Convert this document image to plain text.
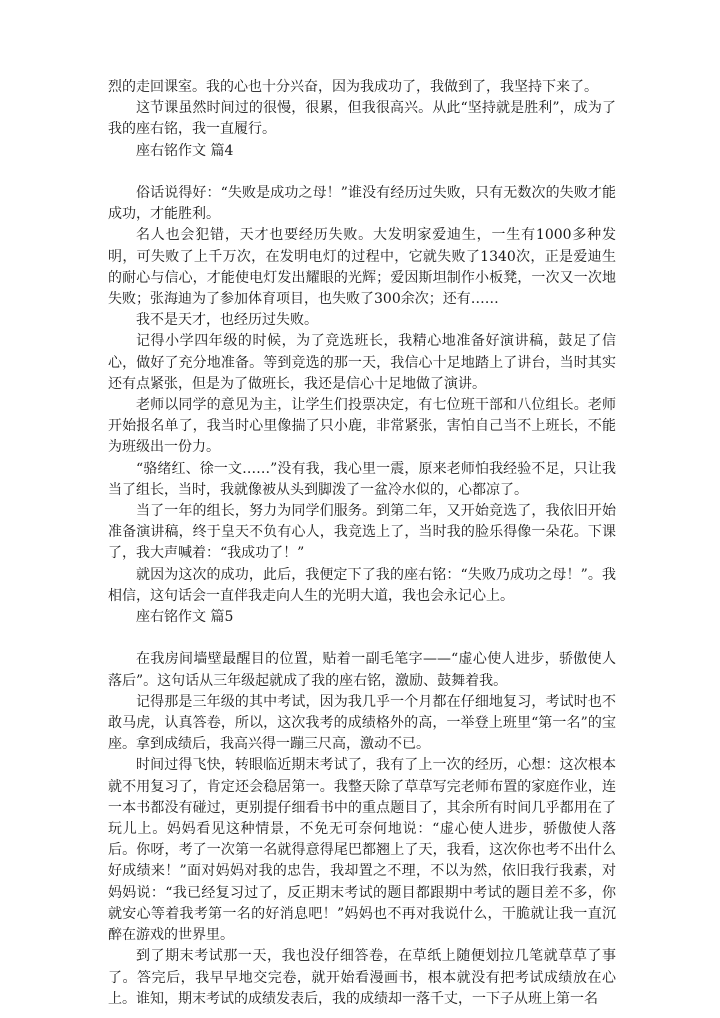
烈的走回课室。我的心也十分兴奋，因为我成功了，我做到了，我坚持下来了。

这节课虽然时间过的很慢，很累，但我很高兴。从此“坚持就是胜利”，成为了我的座右铭，我一直履行。

座右铭作文 篇4

俗话说得好：“失败是成功之母！”谁没有经历过失败，只有无数次的失败才能成功，才能胜利。

名人也会犯错，天才也要经历失败。大发明家爱迪生，一生有1000多种发明，可失败了上千万次，在发明电灯的过程中，它就失败了1340次，正是爱迪生的耐心与信心，才能使电灯发出耀眼的光辉；爱因斯坦制作小板凳，一次又一次地失败；张海迪为了参加体育项目，也失败了300余次；还有……

我不是天才，也经历过失败。

记得小学四年级的时候，为了竞选班长，我精心地准备好演讲稿，鼓足了信心，做好了充分地准备。等到竞选的那一天，我信心十足地踏上了讲台，当时其实还有点紧张，但是为了做班长，我还是信心十足地做了演讲。

老师以同学的意见为主，让学生们投票决定，有七位班干部和八位组长。老师开始报名单了，我当时心里像揣了只小鹿，非常紧张，害怕自己当不上班长，不能为班级出一份力。

“骆绪红、徐一文……”没有我，我心里一震，原来老师怕我经验不足，只让我当了组长，当时，我就像被从头到脚泼了一盆冷水似的，心都凉了。

当了一年的组长，努力为同学们服务。到第二年，又开始竞选了，我依旧开始准备演讲稿，终于皇天不负有心人，我竞选上了，当时我的脸乐得像一朵花。下课了，我大声喊着：“我成功了！”

就因为这次的成功，此后，我便定下了我的座右铭：“失败乃成功之母！”。我相信，这句话会一直伴我走向人生的光明大道，我也会永记心上。

座右铭作文 篇5

在我房间墙壁最醒目的位置，贴着一副毛笔字——“虚心使人进步，骄傲使人落后”。这句话从三年级起就成了我的座右铭，激励、鼓舞着我。

记得那是三年级的其中考试，因为我几乎一个月都在仔细地复习，考试时也不敢马虎，认真答卷，所以，这次我考的成绩格外的高，一举登上班里“第一名”的宝座。拿到成绩后，我高兴得一蹦三尺高，激动不已。

时间过得飞快，转眼临近期末考试了，我有了上一次的经历，心想：这次根本就不用复习了，肯定还会稳居第一。我整天除了草草写完老师布置的家庭作业，连一本书都没有碰过，更别提仔细看书中的重点题目了，其余所有时间几乎都用在了玩儿上。妈妈看见这种情景，不免无可奈何地说：“虚心使人进步，骄傲使人落后。你呀，考了一次第一名就得意得尾巴都翘上了天，我看，这次你也考不出什么好成绩来！”面对妈妈对我的忠告，我却置之不理，不以为然，依旧我行我素，对妈妈说：“我已经复习过了，反正期末考试的题目都跟期中考试的题目差不多，你就安心等着我考第一名的好消息吧！”妈妈也不再对我说什么，干脆就让我一直沉醉在游戏的世界里。

到了期末考试那一天，我也没仔细答卷，在草纸上随便划拉几笔就草草了事了。答完后，我早早地交完卷，就开始看漫画书，根本就没有把考试成绩放在心上。谁知，期末考试的成绩发表后，我的成绩却一落千丈，一下子从班上第一名
